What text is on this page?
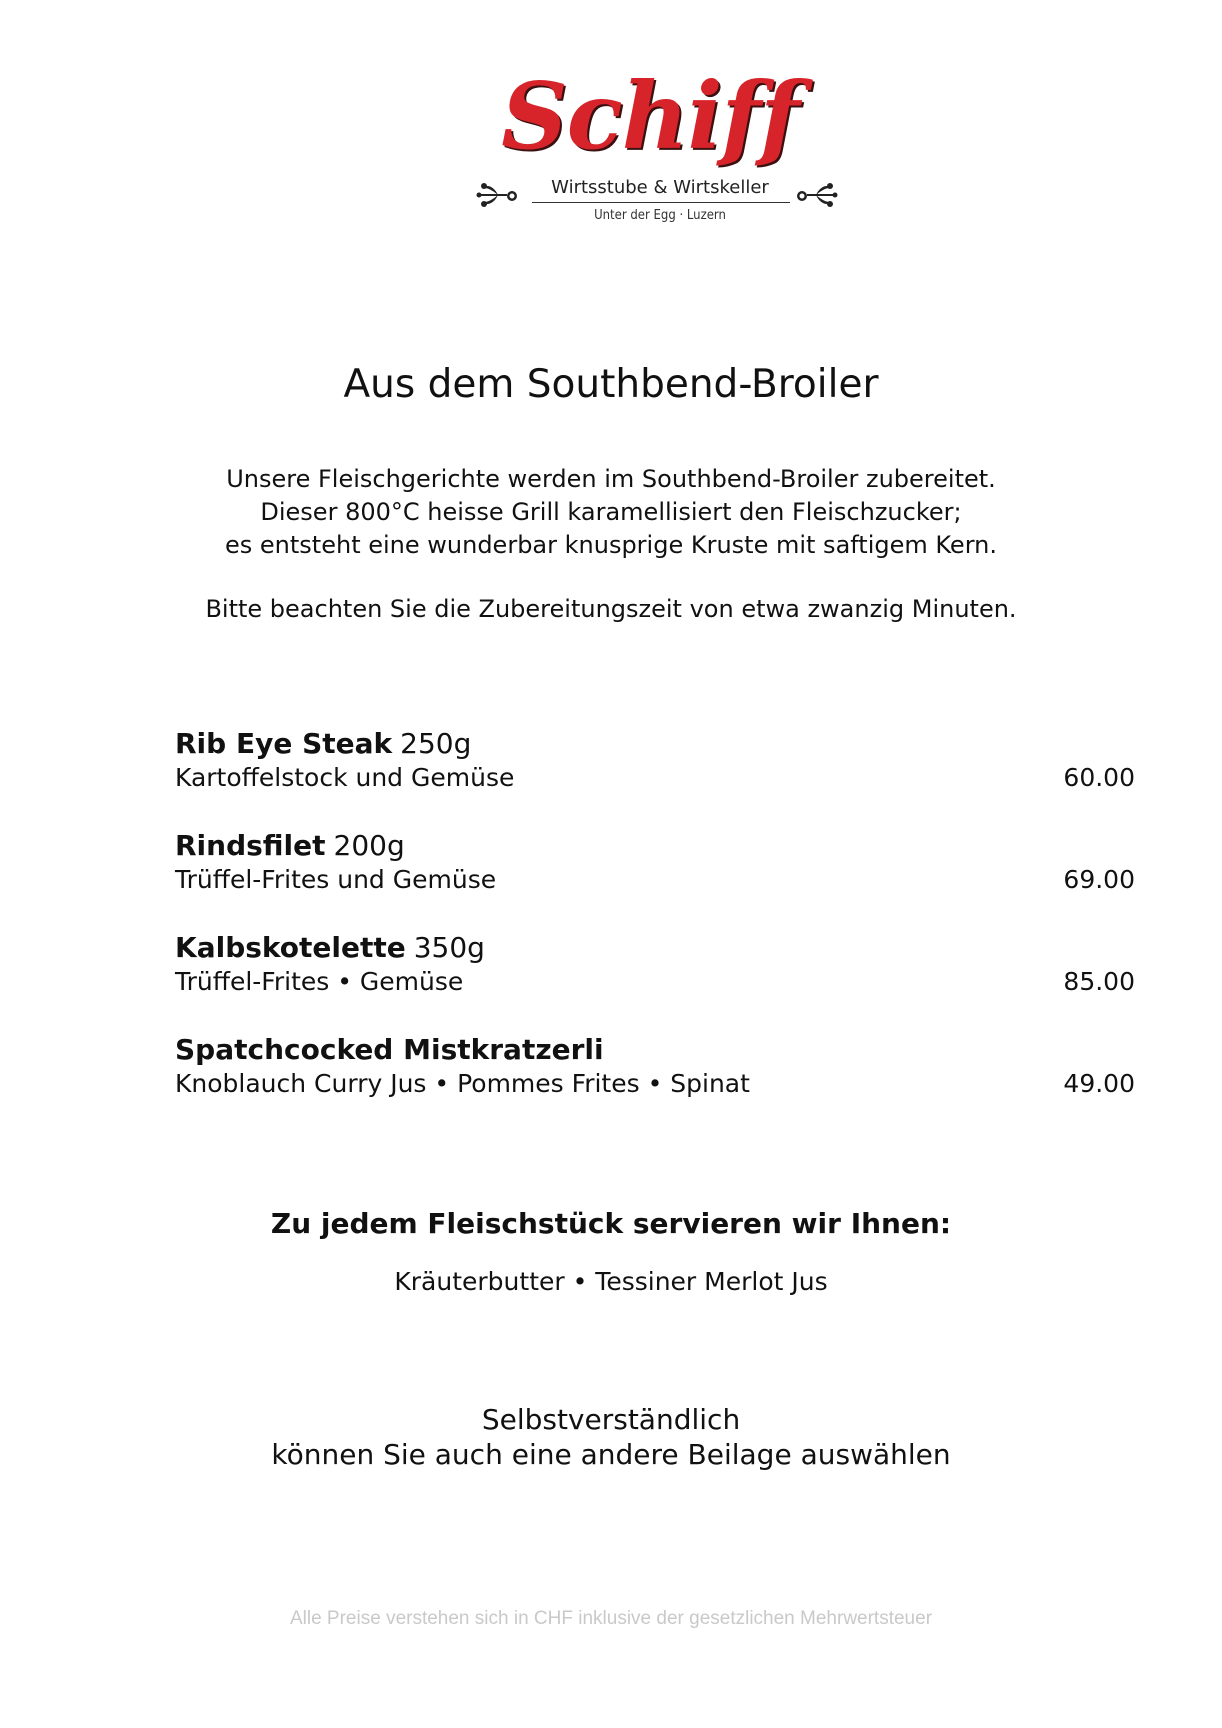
Schiff
Wirtsstube & Wirtskeller
Unter der Egg · Luzern
Aus dem Southbend-Broiler
Unsere Fleischgerichte werden im Southbend-Broiler zubereitet.
Dieser 800°C heisse Grill karamellisiert den Fleischzucker;
es entsteht eine wunderbar knusprige Kruste mit saftigem Kern.
Bitte beachten Sie die Zubereitungszeit von etwa zwanzig Minuten.
Rib Eye Steak 250g
Kartoffelstock und Gemüse	60.00
Rindsfilet 200g
Trüffel-Frites und Gemüse	69.00
Kalbskotelette 350g
Trüffel-Frites • Gemüse	85.00
Spatchcocked Mistkratzerli
Knoblauch Curry Jus • Pommes Frites • Spinat	49.00
Zu jedem Fleischstück servieren wir Ihnen:
Kräuterbutter • Tessiner Merlot Jus
Selbstverständlich
können Sie auch eine andere Beilage auswählen
Alle Preise verstehen sich in CHF inklusive der gesetzlichen Mehrwertsteuer
